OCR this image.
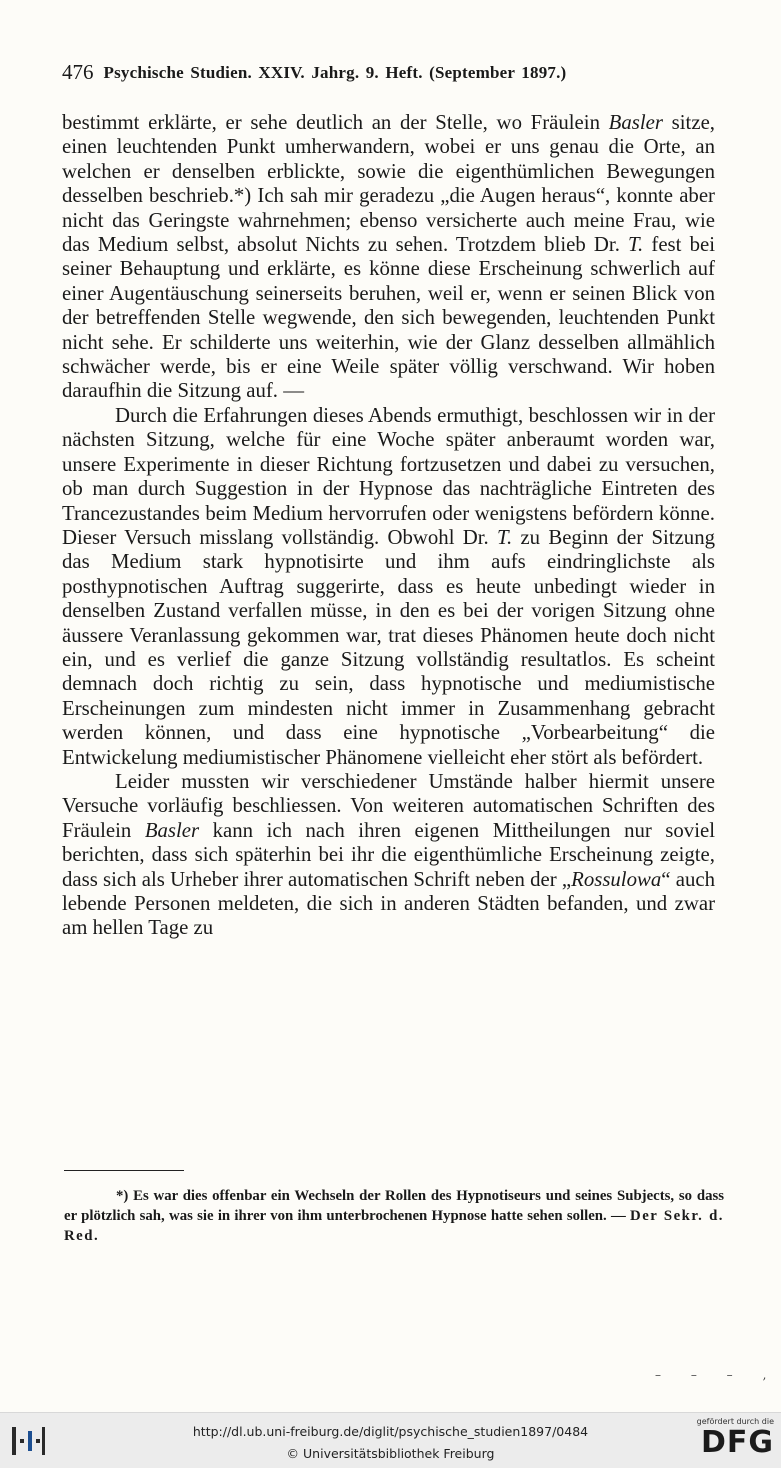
476 Psychische Studien. XXIV. Jahrg. 9. Heft. (September 1897.)

bestimmt erklärte, er sehe deutlich an der Stelle, wo Fräulein Basler sitze, einen leuchtenden Punkt umherwandern, wobei er uns genau die Orte, an welchen er denselben erblickte, sowie die eigenthümlichen Bewegungen desselben beschrieb.*) Ich sah mir geradezu „die Augen heraus“, konnte aber nicht das Geringste wahrnehmen; ebenso versicherte auch meine Frau, wie das Medium selbst, absolut Nichts zu sehen. Trotzdem blieb Dr. T. fest bei seiner Behauptung und erklärte, es könne diese Erscheinung schwerlich auf einer Augentäuschung seinerseits beruhen, weil er, wenn er seinen Blick von der betreffenden Stelle wegwende, den sich bewegenden, leuchtenden Punkt nicht sehe. Er schilderte uns weiterhin, wie der Glanz desselben allmählich schwächer werde, bis er eine Weile später völlig verschwand. Wir hoben daraufhin die Sitzung auf. —

Durch die Erfahrungen dieses Abends ermuthigt, beschlossen wir in der nächsten Sitzung, welche für eine Woche später anberaumt worden war, unsere Experimente in dieser Richtung fortzusetzen und dabei zu versuchen, ob man durch Suggestion in der Hypnose das nachträgliche Eintreten des Trancezustandes beim Medium hervorrufen oder wenigstens befördern könne. Dieser Versuch misslang vollständig. Obwohl Dr. T. zu Beginn der Sitzung das Medium stark hypnotisirte und ihm aufs eindringlichste als posthypnotischen Auftrag suggerirte, dass es heute unbedingt wieder in denselben Zustand verfallen müsse, in den es bei der vorigen Sitzung ohne äussere Veranlassung gekommen war, trat dieses Phänomen heute doch nicht ein, und es verlief die ganze Sitzung vollständig resultatlos. Es scheint demnach doch richtig zu sein, dass hypnotische und mediumistische Erscheinungen zum mindesten nicht immer in Zusammenhang gebracht werden können, und dass eine hypnotische „Vorbearbeitung“ die Entwickelung mediumistischer Phänomene vielleicht eher stört als befördert.

Leider mussten wir verschiedener Umstände halber hiermit unsere Versuche vorläufig beschliessen. Von weiteren automatischen Schriften des Fräulein Basler kann ich nach ihren eigenen Mittheilungen nur soviel berichten, dass sich späterhin bei ihr die eigenthümliche Erscheinung zeigte, dass sich als Urheber ihrer automatischen Schrift neben der „Rossulowa“ auch lebende Personen meldeten, die sich in anderen Städten befanden, und zwar am hellen Tage zu

*) Es war dies offenbar ein Wechseln der Rollen des Hypnotiseurs und seines Subjects, so dass er plötzlich sah, was sie in ihrer von ihm unterbrochenen Hypnose hatte sehen sollen. — Der Sekr. d. Red.

– – – ‚
http://dl.ub.uni-freiburg.de/diglit/psychische_studien1897/0484
© Universitätsbibliothek Freiburg
gefördert durch die
DFG
